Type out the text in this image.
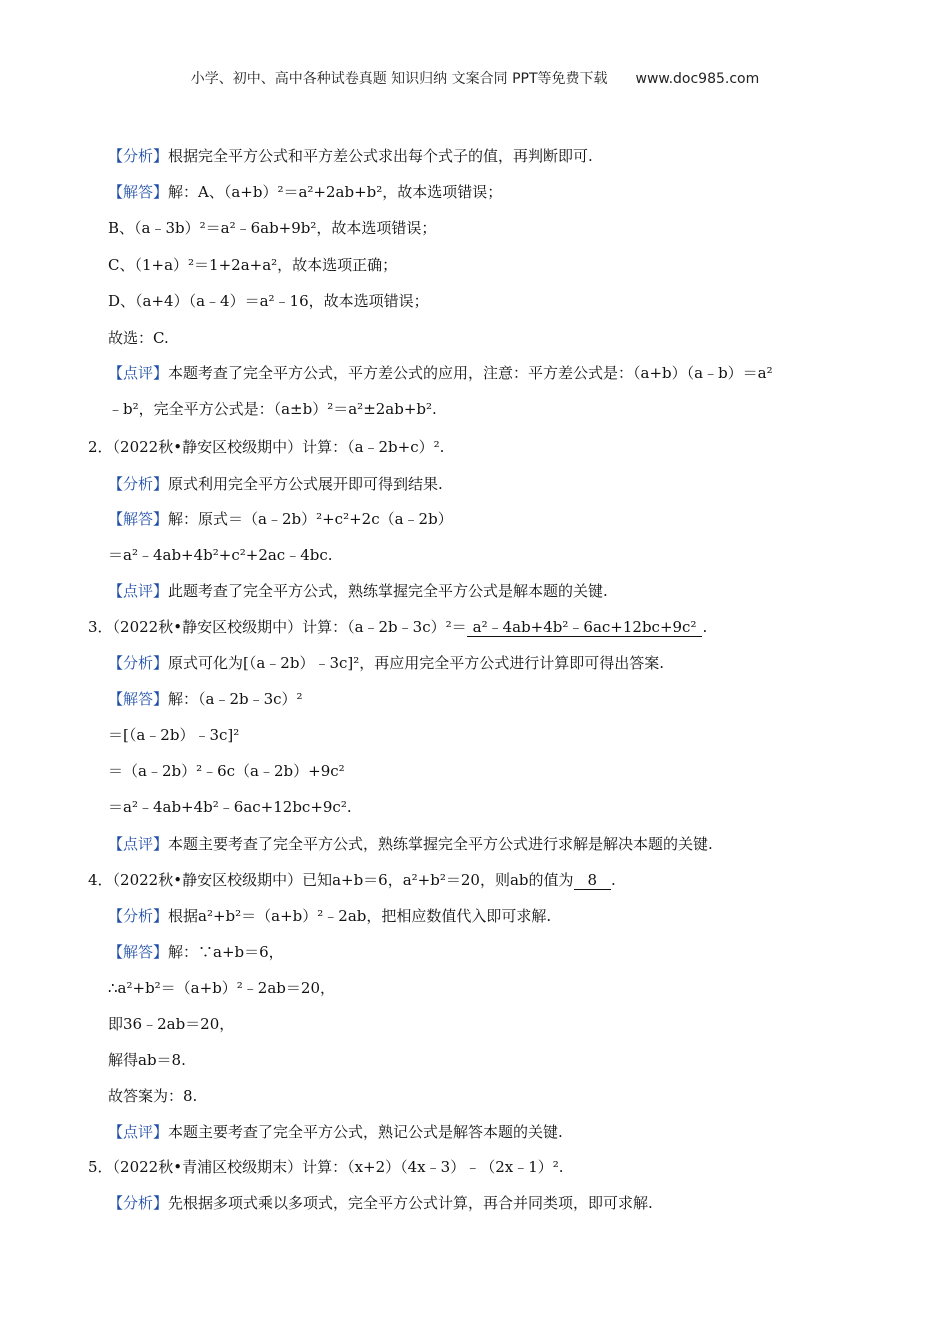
小学、初中、高中各种试卷真题 知识归纳 文案合同 PPT等免费下载 www.doc985.com
【分析】根据完全平方公式和平方差公式求出每个式子的值，再判断即可.
【解答】解：A、（a+b）²＝a²+2ab+b²，故本选项错误；
B、（a﹣3b）²＝a²﹣6ab+9b²，故本选项错误；
C、（1+a）²＝1+2a+a²，故本选项正确；
D、（a+4）（a﹣4）＝a²﹣16，故本选项错误；
故选：C.
【点评】本题考查了完全平方公式，平方差公式的应用，注意：平方差公式是：（a+b）（a﹣b）＝a²
﹣b²，完全平方公式是：（a±b）²＝a²±2ab+b².
2．（2022秋•静安区校级期中）计算：（a﹣2b+c）².
【分析】原式利用完全平方公式展开即可得到结果.
【解答】解：原式＝（a﹣2b）²+c²+2c（a﹣2b）
＝a²﹣4ab+4b²+c²+2ac﹣4bc.
【点评】此题考查了完全平方公式，熟练掌握完全平方公式是解本题的关键.
3．（2022秋•静安区校级期中）计算：（a﹣2b﹣3c）²＝ a²﹣4ab+4b²﹣6ac+12bc+9c² .
【分析】原式可化为[（a﹣2b）﹣3c]²，再应用完全平方公式进行计算即可得出答案.
【解答】解：（a﹣2b﹣3c）²
＝[（a﹣2b）﹣3c]²
＝（a﹣2b）²﹣6c（a﹣2b）+9c²
＝a²﹣4ab+4b²﹣6ac+12bc+9c².
【点评】本题主要考查了完全平方公式，熟练掌握完全平方公式进行求解是解决本题的关键.
4．（2022秋•静安区校级期中）已知a+b＝6，a²+b²＝20，则ab的值为 8 .
【分析】根据a²+b²＝（a+b）²﹣2ab，把相应数值代入即可求解.
【解答】解：∵a+b＝6，
∴a²+b²＝（a+b）²﹣2ab＝20，
即36﹣2ab＝20，
解得ab＝8.
故答案为：8.
【点评】本题主要考查了完全平方公式，熟记公式是解答本题的关键.
5．（2022秋•青浦区校级期末）计算：（x+2）（4x﹣3）﹣（2x﹣1）².
【分析】先根据多项式乘以多项式，完全平方公式计算，再合并同类项，即可求解.
